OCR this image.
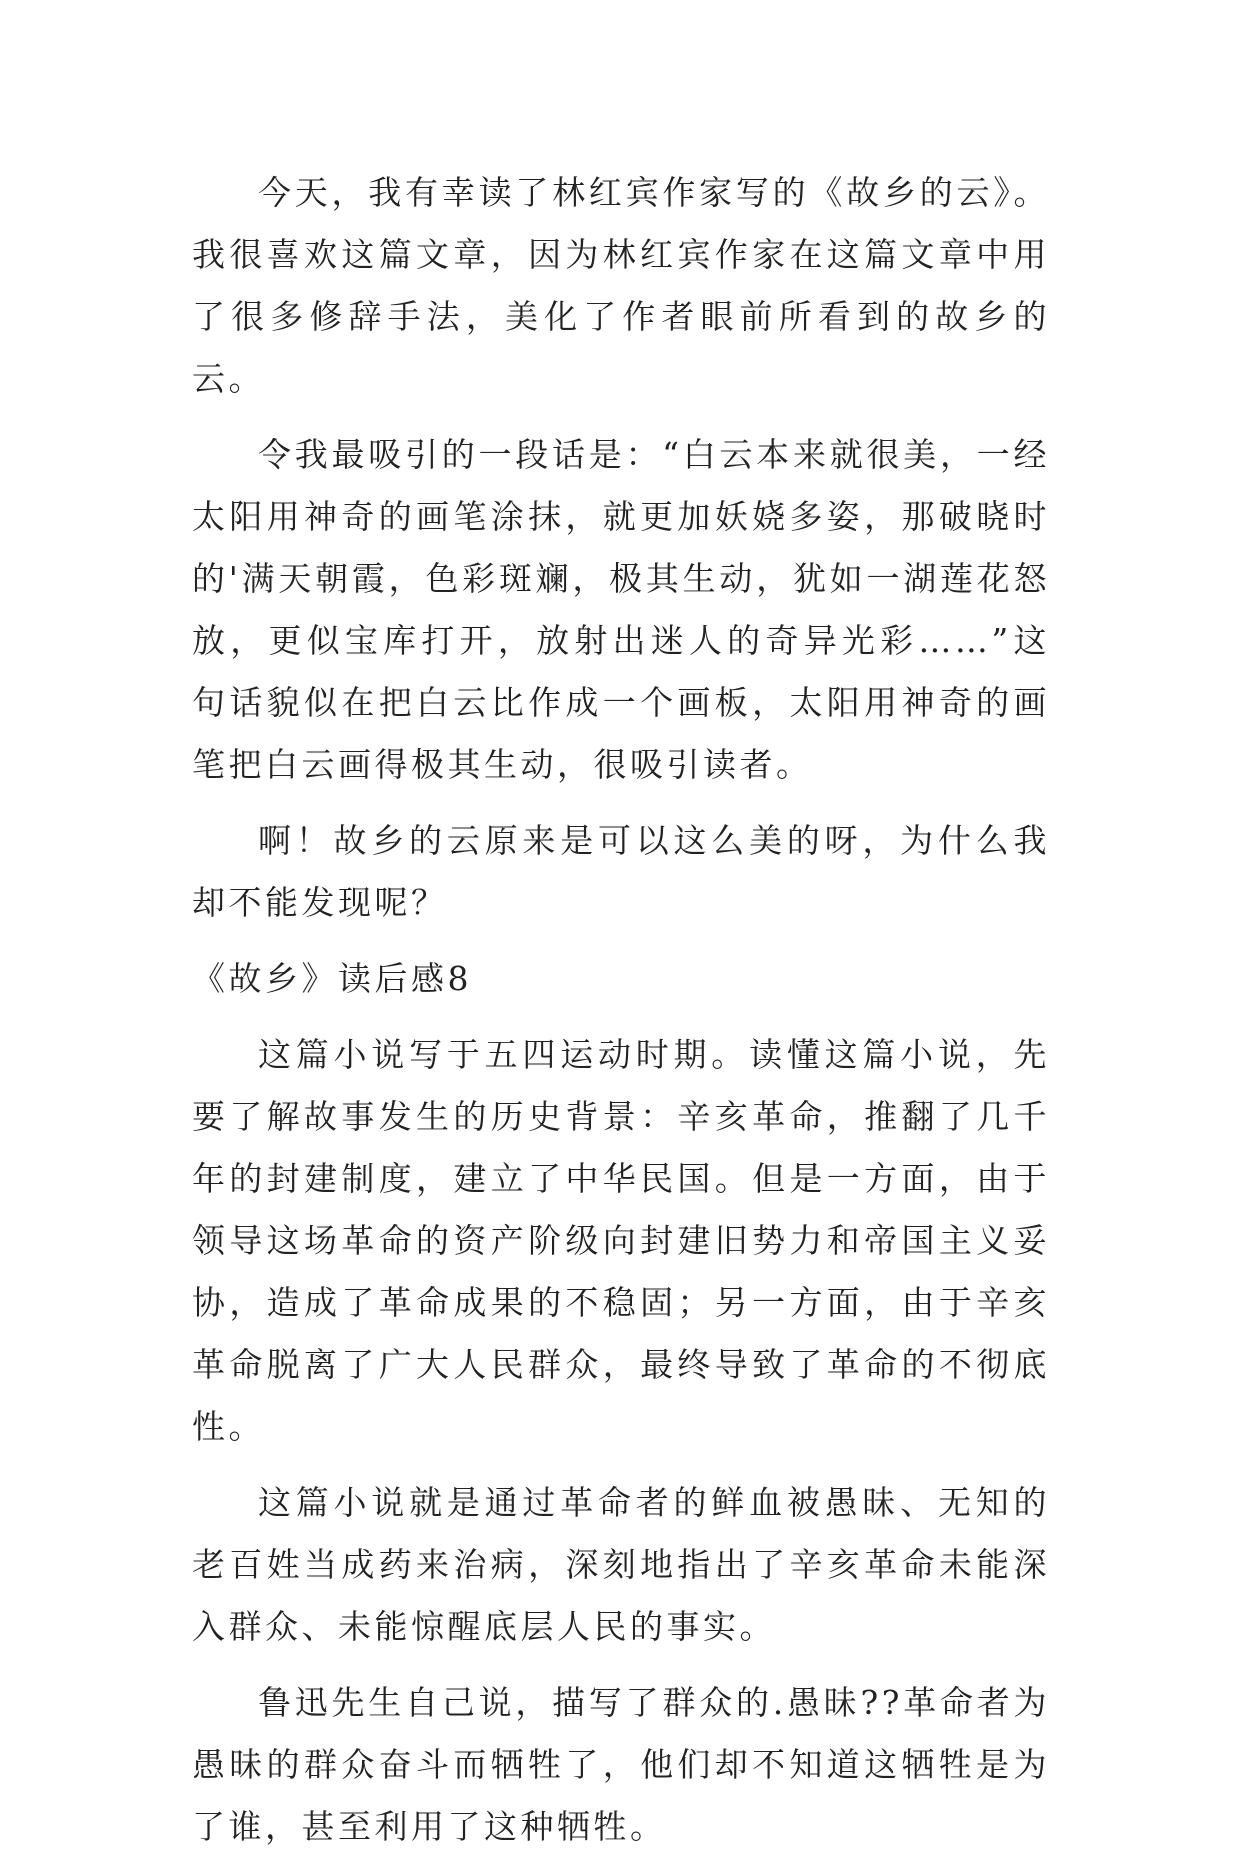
今天，我有幸读了林红宾作家写的《故乡的云》。我很喜欢这篇文章，因为林红宾作家在这篇文章中用了很多修辞手法，美化了作者眼前所看到的故乡的云。

令我最吸引的一段话是：“白云本来就很美，一经太阳用神奇的画笔涂抹，就更加妖娆多姿，那破晓时的'满天朝霞，色彩斑斓，极其生动，犹如一湖莲花怒放，更似宝库打开，放射出迷人的奇异光彩……”这句话貌似在把白云比作成一个画板，太阳用神奇的画笔把白云画得极其生动，很吸引读者。

啊！故乡的云原来是可以这么美的呀，为什么我却不能发现呢？

《故乡》读后感8

这篇小说写于五四运动时期。读懂这篇小说，先要了解故事发生的历史背景：辛亥革命，推翻了几千年的封建制度，建立了中华民国。但是一方面，由于领导这场革命的资产阶级向封建旧势力和帝国主义妥协，造成了革命成果的不稳固；另一方面，由于辛亥革命脱离了广大人民群众，最终导致了革命的不彻底性。

这篇小说就是通过革命者的鲜血被愚昧、无知的老百姓当成药来治病，深刻地指出了辛亥革命未能深入群众、未能惊醒底层人民的事实。

鲁迅先生自己说，描写了群众的.愚昧??革命者为愚昧的群众奋斗而牺牲了，他们却不知道这牺牲是为了谁，甚至利用了这种牺牲。
